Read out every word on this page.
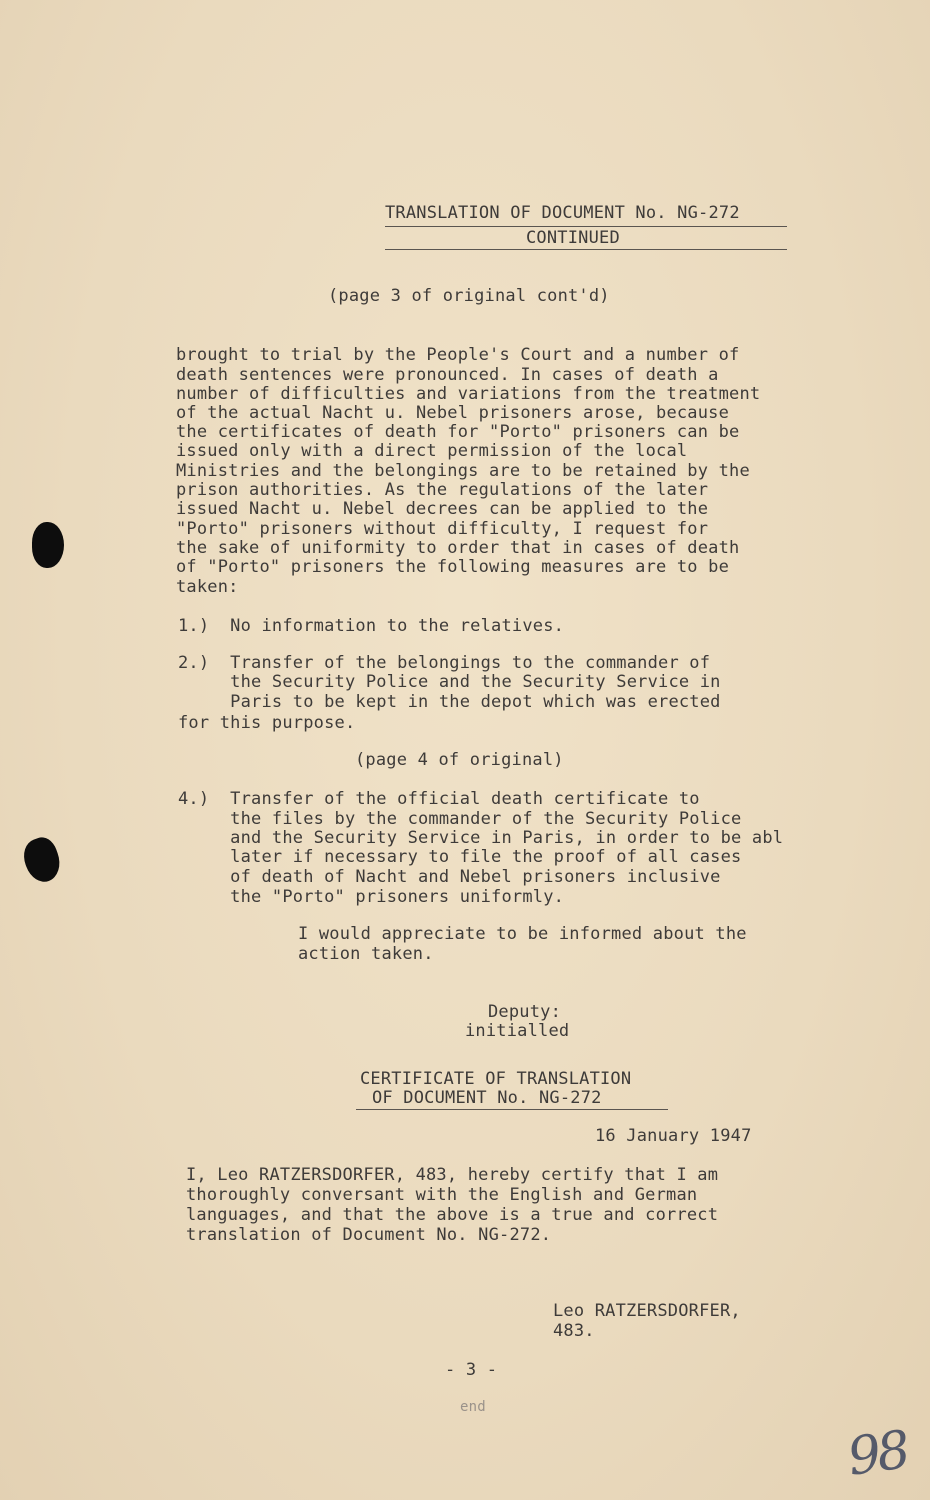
TRANSLATION OF DOCUMENT No. NG-272
CONTINUED
(page 3 of original cont'd)
brought to trial by the People's Court and a number of
death sentences were pronounced. In cases of death a
number of difficulties and variations from the treatment
of the actual Nacht u. Nebel prisoners arose, because
the certificates of death for "Porto" prisoners can be
issued only with a direct permission of the local
Ministries and the belongings are to be retained by the
prison authorities. As the regulations of the later
issued Nacht u. Nebel decrees can be applied to the
"Porto" prisoners without difficulty, I request for
the sake of uniformity to order that in cases of death
of "Porto" prisoners the following measures are to be
taken:
1.)  No information to the relatives.
2.)  Transfer of the belongings to the commander of
the Security Police and the Security Service in
Paris to be kept in the depot which was erected
for this purpose.
(page 4 of original)
4.)  Transfer of the official death certificate to
the files by the commander of the Security Police
and the Security Service in Paris, in order to be abl
later if necessary to file the proof of all cases
of death of Nacht and Nebel prisoners inclusive
the "Porto" prisoners uniformly.
I would appreciate to be informed about the
action taken.
Deputy:
initialled
CERTIFICATE OF TRANSLATION
OF DOCUMENT No. NG-272
16 January 1947
I, Leo RATZERSDORFER, 483, hereby certify that I am
thoroughly conversant with the English and German
languages, and that the above is a true and correct
translation of Document No. NG-272.
Leo RATZERSDORFER,
483.
- 3 -
end
98
